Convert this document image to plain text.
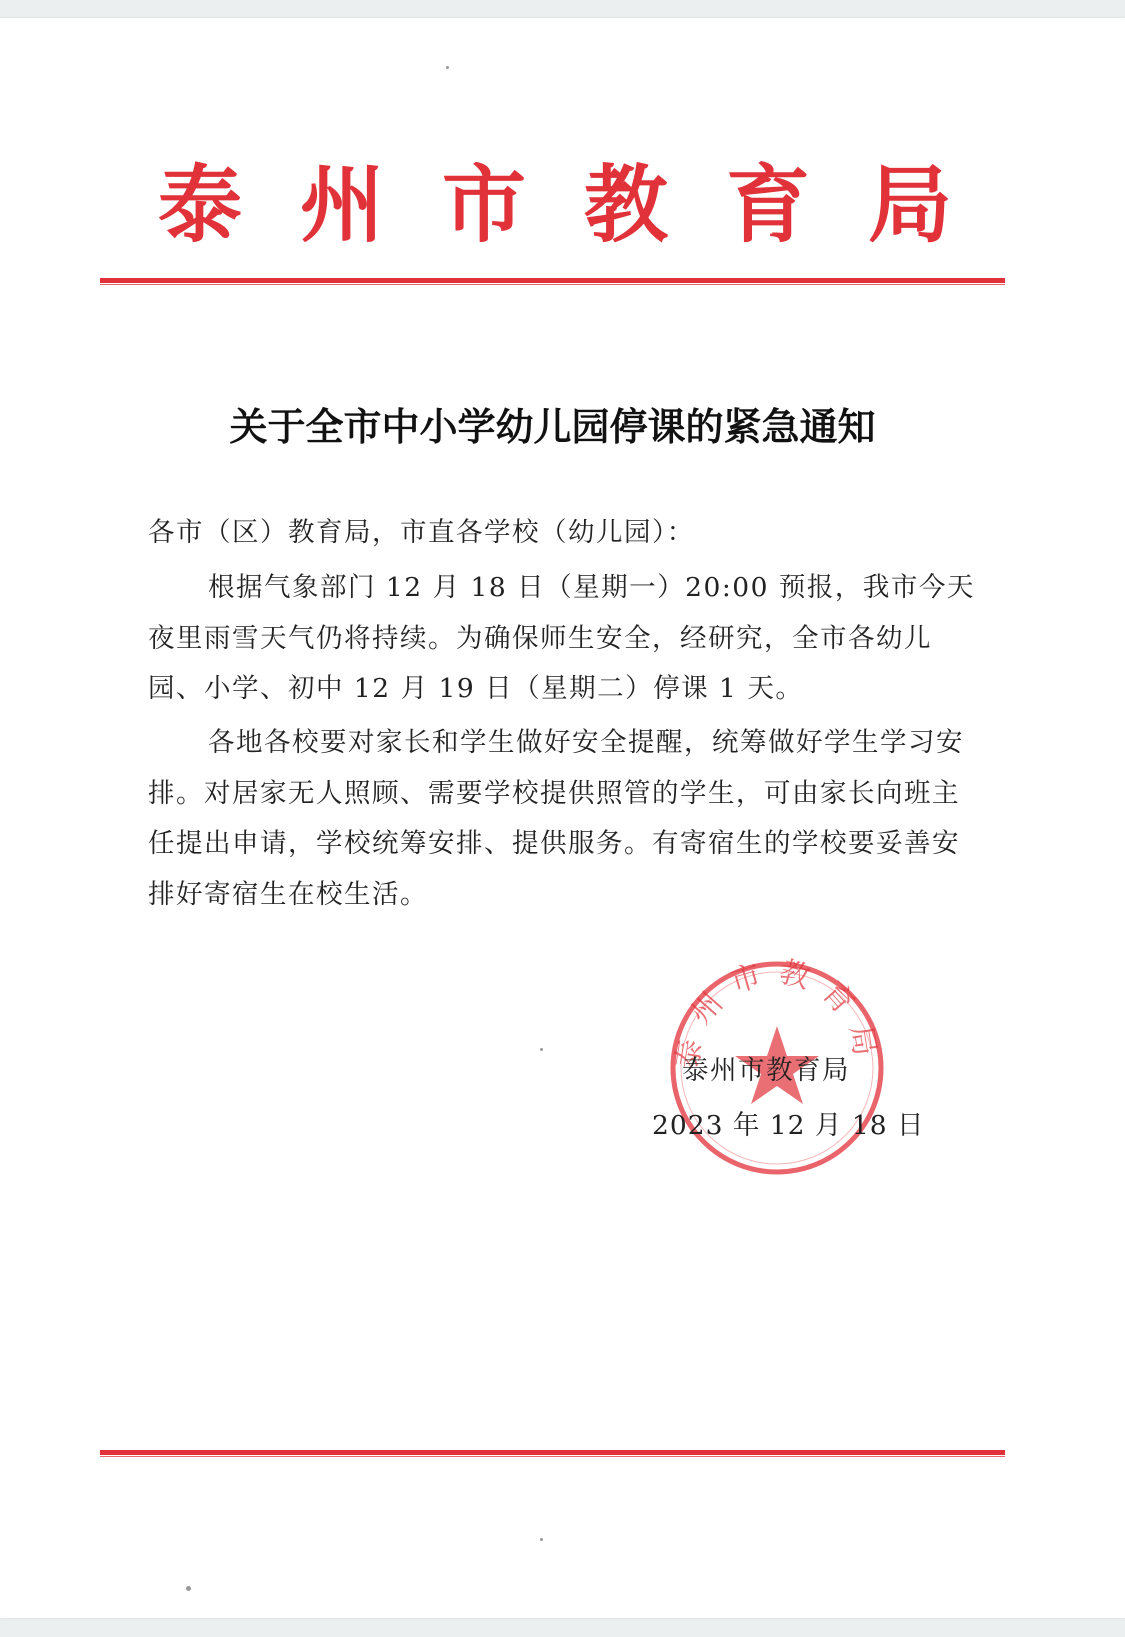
泰州市教育局
关于全市中小学幼儿园停课的紧急通知
各市（区）教育局，市直各学校（幼儿园）：
根据气象部门 12 月 18 日（星期一）20:00 预报，我市今天夜里雨雪天气仍将持续。为确保师生安全，经研究，全市各幼儿园、小学、初中 12 月 19 日（星期二）停课 1 天。
各地各校要对家长和学生做好安全提醒，统筹做好学生学习安排。对居家无人照顾、需要学校提供照管的学生，可由家长向班主任提出申请，学校统筹安排、提供服务。有寄宿生的学校要妥善安排好寄宿生在校生活。
泰州市教育局
泰州市教育局
2023 年 12 月 18 日
